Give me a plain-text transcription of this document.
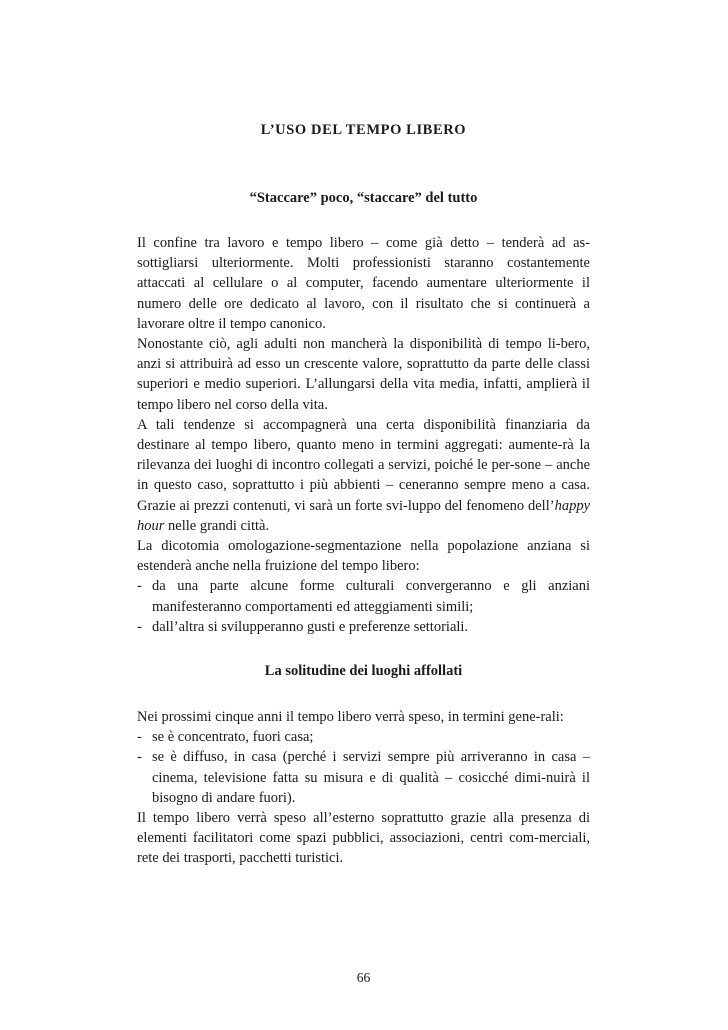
L’USO DEL TEMPO LIBERO
“Staccare” poco, “staccare” del tutto

Il confine tra lavoro e tempo libero – come già detto – tenderà ad as-sottigliarsi ulteriormente. Molti professionisti staranno costantemente attaccati al cellulare o al computer, facendo aumentare ulteriormente il numero delle ore dedicato al lavoro, con il risultato che si continuerà a lavorare oltre il tempo canonico.

Nonostante ciò, agli adulti non mancherà la disponibilità di tempo li-bero, anzi si attribuirà ad esso un crescente valore, soprattutto da parte delle classi superiori e medio superiori. L’allungarsi della vita media, infatti, amplierà il tempo libero nel corso della vita.

A tali tendenze si accompagnerà una certa disponibilità finanziaria da destinare al tempo libero, quanto meno in termini aggregati: aumente-rà la rilevanza dei luoghi di incontro collegati a servizi, poiché le per-sone – anche in questo caso, soprattutto i più abbienti – ceneranno sempre meno a casa. Grazie ai prezzi contenuti, vi sarà un forte svi-luppo del fenomeno dell’happy hour nelle grandi città.

La dicotomia omologazione-segmentazione nella popolazione anziana si estenderà anche nella fruizione del tempo libero:

- da una parte alcune forme culturali convergeranno e gli anziani manifesteranno comportamenti ed atteggiamenti simili;
- dall’altra si svilupperanno gusti e preferenze settoriali.
La solitudine dei luoghi affollati

Nei prossimi cinque anni il tempo libero verrà speso, in termini gene-rali:

- se è concentrato, fuori casa;
- se è diffuso, in casa (perché i servizi sempre più arriveranno in casa – cinema, televisione fatta su misura e di qualità – cosicché dimi-nuirà il bisogno di andare fuori).

Il tempo libero verrà speso all’esterno soprattutto grazie alla presenza di elementi facilitatori come spazi pubblici, associazioni, centri com-merciali, rete dei trasporti, pacchetti turistici.

66
